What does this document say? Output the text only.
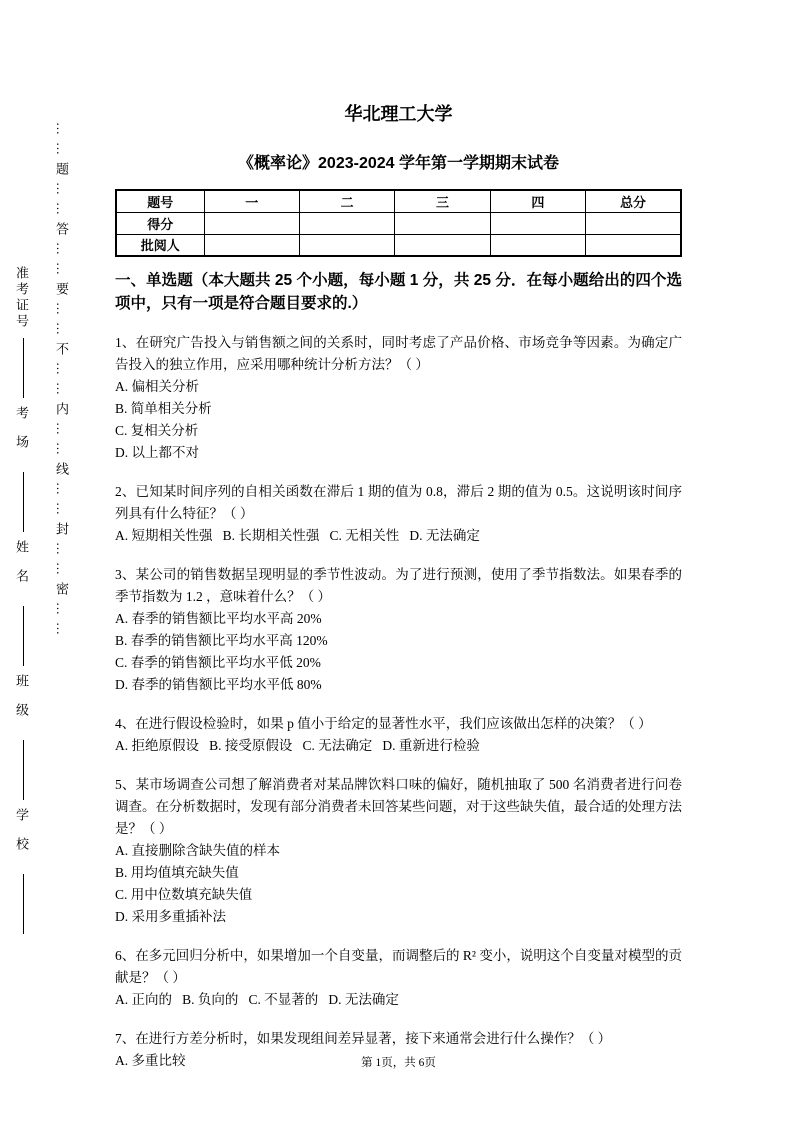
准考证号考场姓名班级学校
……题……答……要……不……内……线……封……密……
华北理工大学
《概率论》2023-2024 学年第一学期期末试卷
题号	一	二	三	四	总分
得分					
批阅人					
一、单选题（本大题共 25 个小题，每小题 1 分，共 25 分．在每小题给出的四个选项中，只有一项是符合题目要求的.）
1、在研究广告投入与销售额之间的关系时，同时考虑了产品价格、市场竞争等因素。为确定广告投入的独立作用，应采用哪种统计分析方法？（ ）
A. 偏相关分析
B. 简单相关分析
C. 复相关分析
D. 以上都不对
2、已知某时间序列的自相关函数在滞后 1 期的值为 0.8，滞后 2 期的值为 0.5。这说明该时间序列具有什么特征？（ ）
A. 短期相关性强   B. 长期相关性强   C. 无相关性   D. 无法确定
3、某公司的销售数据呈现明显的季节性波动。为了进行预测，使用了季节指数法。如果春季的季节指数为 1.2 ，意味着什么？（ ）
A. 春季的销售额比平均水平高 20%
B. 春季的销售额比平均水平高 120%
C. 春季的销售额比平均水平低 20%
D. 春季的销售额比平均水平低 80%
4、在进行假设检验时，如果 p 值小于给定的显著性水平，我们应该做出怎样的决策？（ ）
A. 拒绝原假设   B. 接受原假设   C. 无法确定   D. 重新进行检验
5、某市场调查公司想了解消费者对某品牌饮料口味的偏好，随机抽取了 500 名消费者进行问卷调查。在分析数据时，发现有部分消费者未回答某些问题，对于这些缺失值，最合适的处理方法是？（ ）
A. 直接删除含缺失值的样本
B. 用均值填充缺失值
C. 用中位数填充缺失值
D. 采用多重插补法
6、在多元回归分析中，如果增加一个自变量，而调整后的 R² 变小，说明这个自变量对模型的贡献是？（ ）
A. 正向的   B. 负向的   C. 不显著的   D. 无法确定
7、在进行方差分析时，如果发现组间差异显著，接下来通常会进行什么操作？（ ）
A. 多重比较	第 1页，共 6页
